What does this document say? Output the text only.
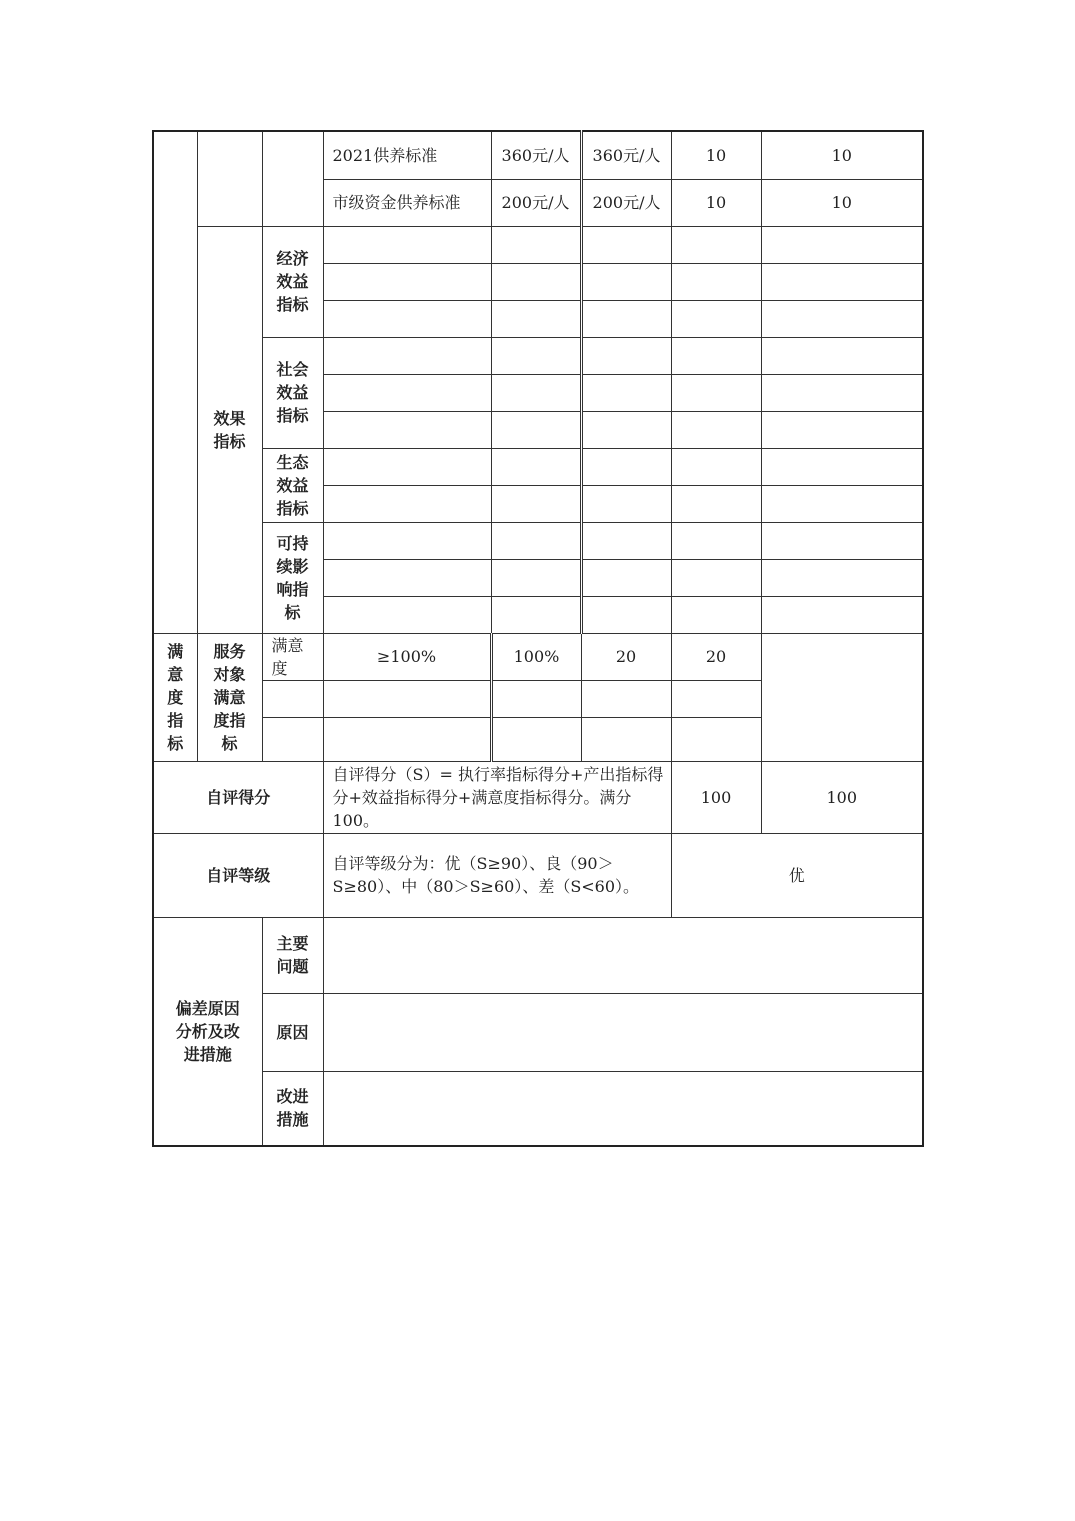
			2021供养标准	360元/人	360元/人	10	10
			市级资金供养标准	200元/人	200元/人	10	10
	效果指标	经济效益指标					

		社会效益指标					

		生态效益指标					

		可持续影响指标					

满意度指标	服务对象满意度指标	满意度	≥100%	100%	20	20	

自评得分			自评得分（S）= 执行率指标得分+产出指标得分+效益指标得分+满意度指标得分。满分100。			100	100
自评等级			自评等级分为：优（S≥90）、良（90＞S≥80）、中（80＞S≥60）、差（S<60）。			优	
偏差原因分析及改进措施		主要问题					
		原因					
		改进措施					
